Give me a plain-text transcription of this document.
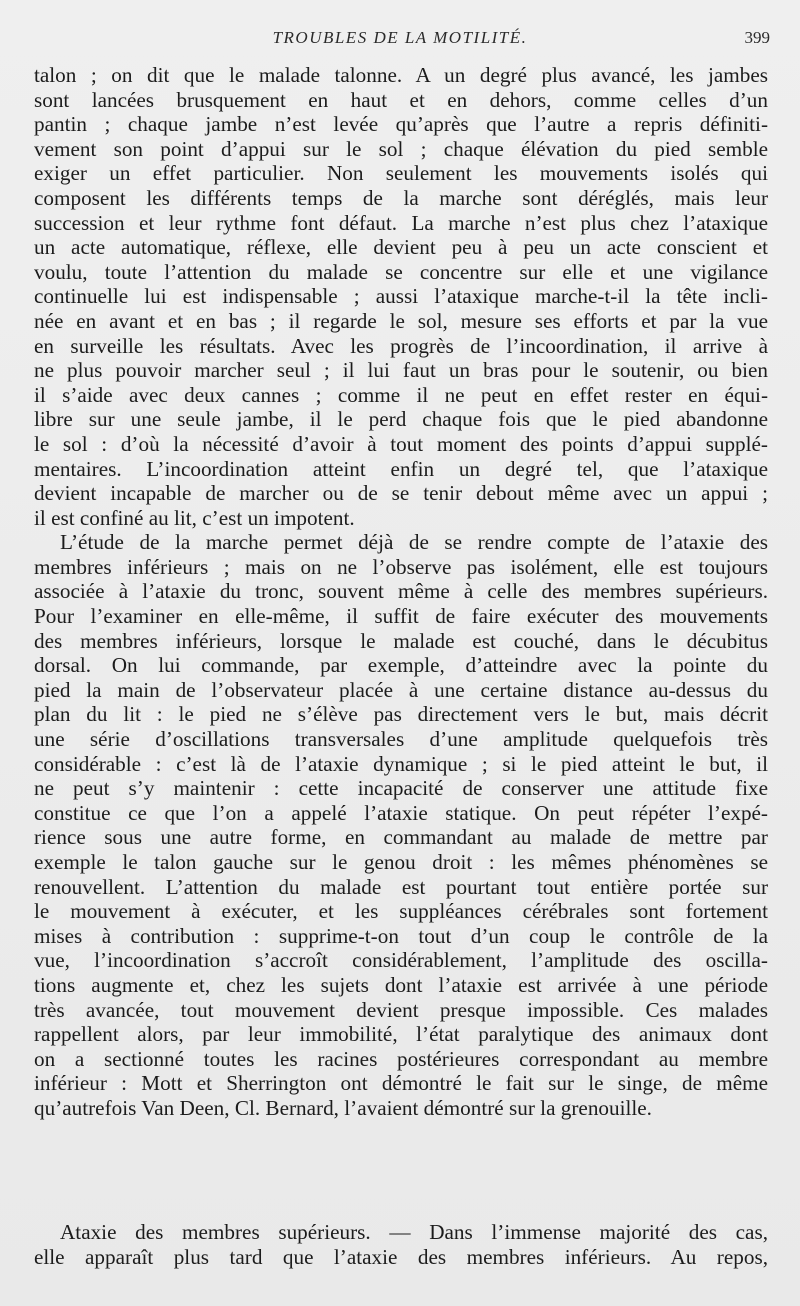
TROUBLES DE LA MOTILITÉ.	399
talon ; on dit que le malade talonne. A un degré plus avancé, les jambes
sont lancées brusquement en haut et en dehors, comme celles d’un
pantin ; chaque jambe n’est levée qu’après que l’autre a repris définiti-
vement son point d’appui sur le sol ; chaque élévation du pied semble
exiger un effet particulier. Non seulement les mouvements isolés qui
composent les différents temps de la marche sont déréglés, mais leur
succession et leur rythme font défaut. La marche n’est plus chez l’ataxique
un acte automatique, réflexe, elle devient peu à peu un acte conscient et
voulu, toute l’attention du malade se concentre sur elle et une vigilance
continuelle lui est indispensable ; aussi l’ataxique marche-t-il la tête incli-
née en avant et en bas ; il regarde le sol, mesure ses efforts et par la vue
en surveille les résultats. Avec les progrès de l’incoordination, il arrive à
ne plus pouvoir marcher seul ; il lui faut un bras pour le soutenir, ou bien
il s’aide avec deux cannes ; comme il ne peut en effet rester en équi-
libre sur une seule jambe, il le perd chaque fois que le pied abandonne
le sol : d’où la nécessité d’avoir à tout moment des points d’appui supplé-
mentaires. L’incoordination atteint enfin un degré tel, que l’ataxique
devient incapable de marcher ou de se tenir debout même avec un appui ;
il est confiné au lit, c’est un impotent.
L’étude de la marche permet déjà de se rendre compte de l’ataxie des
membres inférieurs ; mais on ne l’observe pas isolément, elle est toujours
associée à l’ataxie du tronc, souvent même à celle des membres supérieurs.
Pour l’examiner en elle-même, il suffit de faire exécuter des mouvements
des membres inférieurs, lorsque le malade est couché, dans le décubitus
dorsal. On lui commande, par exemple, d’atteindre avec la pointe du
pied la main de l’observateur placée à une certaine distance au-dessus du
plan du lit : le pied ne s’élève pas directement vers le but, mais décrit
une série d’oscillations transversales d’une amplitude quelquefois très
considérable : c’est là de l’ataxie dynamique ; si le pied atteint le but, il
ne peut s’y maintenir : cette incapacité de conserver une attitude fixe
constitue ce que l’on a appelé l’ataxie statique. On peut répéter l’expé-
rience sous une autre forme, en commandant au malade de mettre par
exemple le talon gauche sur le genou droit : les mêmes phénomènes se
renouvellent. L’attention du malade est pourtant tout entière portée sur
le mouvement à exécuter, et les suppléances cérébrales sont fortement
mises à contribution : supprime-t-on tout d’un coup le contrôle de la
vue, l’incoordination s’accroît considérablement, l’amplitude des oscilla-
tions augmente et, chez les sujets dont l’ataxie est arrivée à une période
très avancée, tout mouvement devient presque impossible. Ces malades
rappellent alors, par leur immobilité, l’état paralytique des animaux dont
on a sectionné toutes les racines postérieures correspondant au membre
inférieur : Mott et Sherrington ont démontré le fait sur le singe, de même
qu’autrefois Van Deen, Cl. Bernard, l’avaient démontré sur la grenouille.
Ataxie des membres supérieurs. — Dans l’immense majorité des cas,
elle apparaît plus tard que l’ataxie des membres inférieurs. Au repos,
